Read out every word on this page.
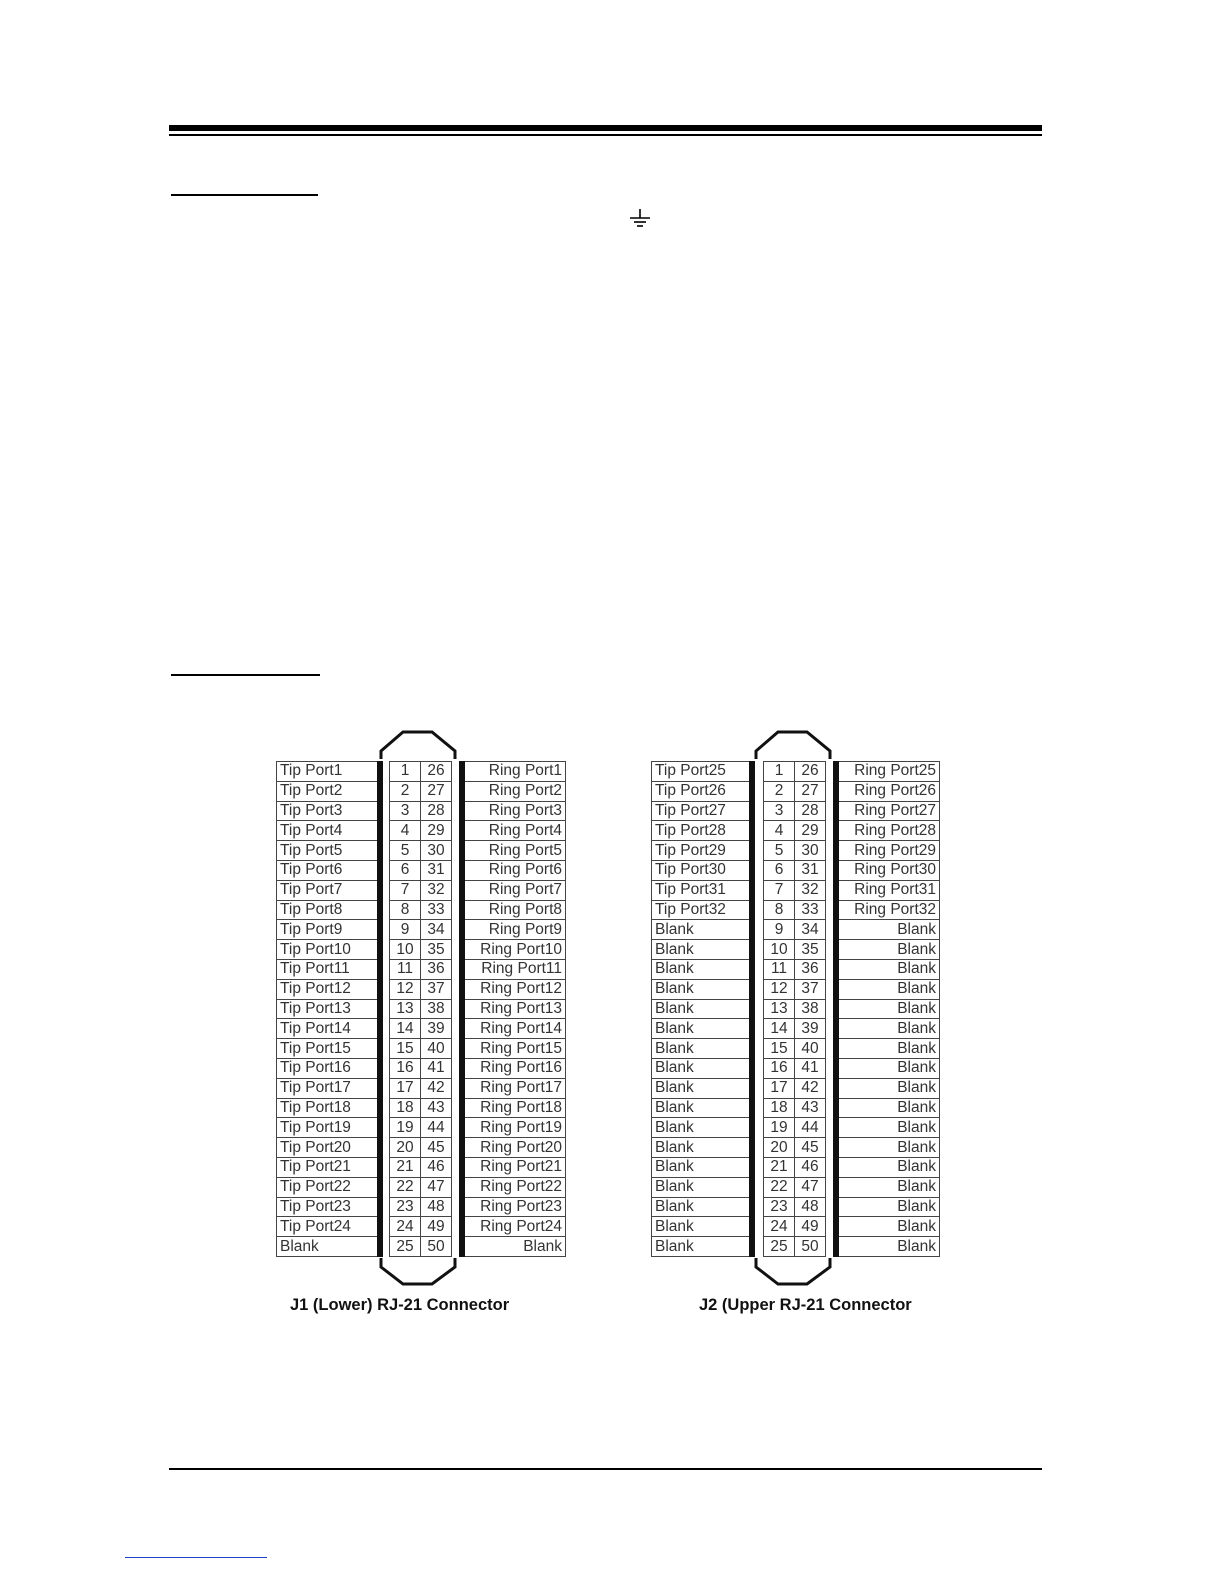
Tip Port1		1	26		Ring Port1
Tip Port2		2	27		Ring Port2
Tip Port3		3	28		Ring Port3
Tip Port4		4	29		Ring Port4
Tip Port5		5	30		Ring Port5
Tip Port6		6	31		Ring Port6
Tip Port7		7	32		Ring Port7
Tip Port8		8	33		Ring Port8
Tip Port9		9	34		Ring Port9
Tip Port10		10	35		Ring Port10
Tip Port11		11	36		Ring Port11
Tip Port12		12	37		Ring Port12
Tip Port13		13	38		Ring Port13
Tip Port14		14	39		Ring Port14
Tip Port15		15	40		Ring Port15
Tip Port16		16	41		Ring Port16
Tip Port17		17	42		Ring Port17
Tip Port18		18	43		Ring Port18
Tip Port19		19	44		Ring Port19
Tip Port20		20	45		Ring Port20
Tip Port21		21	46		Ring Port21
Tip Port22		22	47		Ring Port22
Tip Port23		23	48		Ring Port23
Tip Port24		24	49		Ring Port24
Blank		25	50		Blank
J1 (Lower) RJ-21 Connector
Tip Port25		1	26		Ring Port25
Tip Port26		2	27		Ring Port26
Tip Port27		3	28		Ring Port27
Tip Port28		4	29		Ring Port28
Tip Port29		5	30		Ring Port29
Tip Port30		6	31		Ring Port30
Tip Port31		7	32		Ring Port31
Tip Port32		8	33		Ring Port32
Blank		9	34		Blank
Blank		10	35		Blank
Blank		11	36		Blank
Blank		12	37		Blank
Blank		13	38		Blank
Blank		14	39		Blank
Blank		15	40		Blank
Blank		16	41		Blank
Blank		17	42		Blank
Blank		18	43		Blank
Blank		19	44		Blank
Blank		20	45		Blank
Blank		21	46		Blank
Blank		22	47		Blank
Blank		23	48		Blank
Blank		24	49		Blank
Blank		25	50		Blank
J2 (Upper RJ-21 Connector
